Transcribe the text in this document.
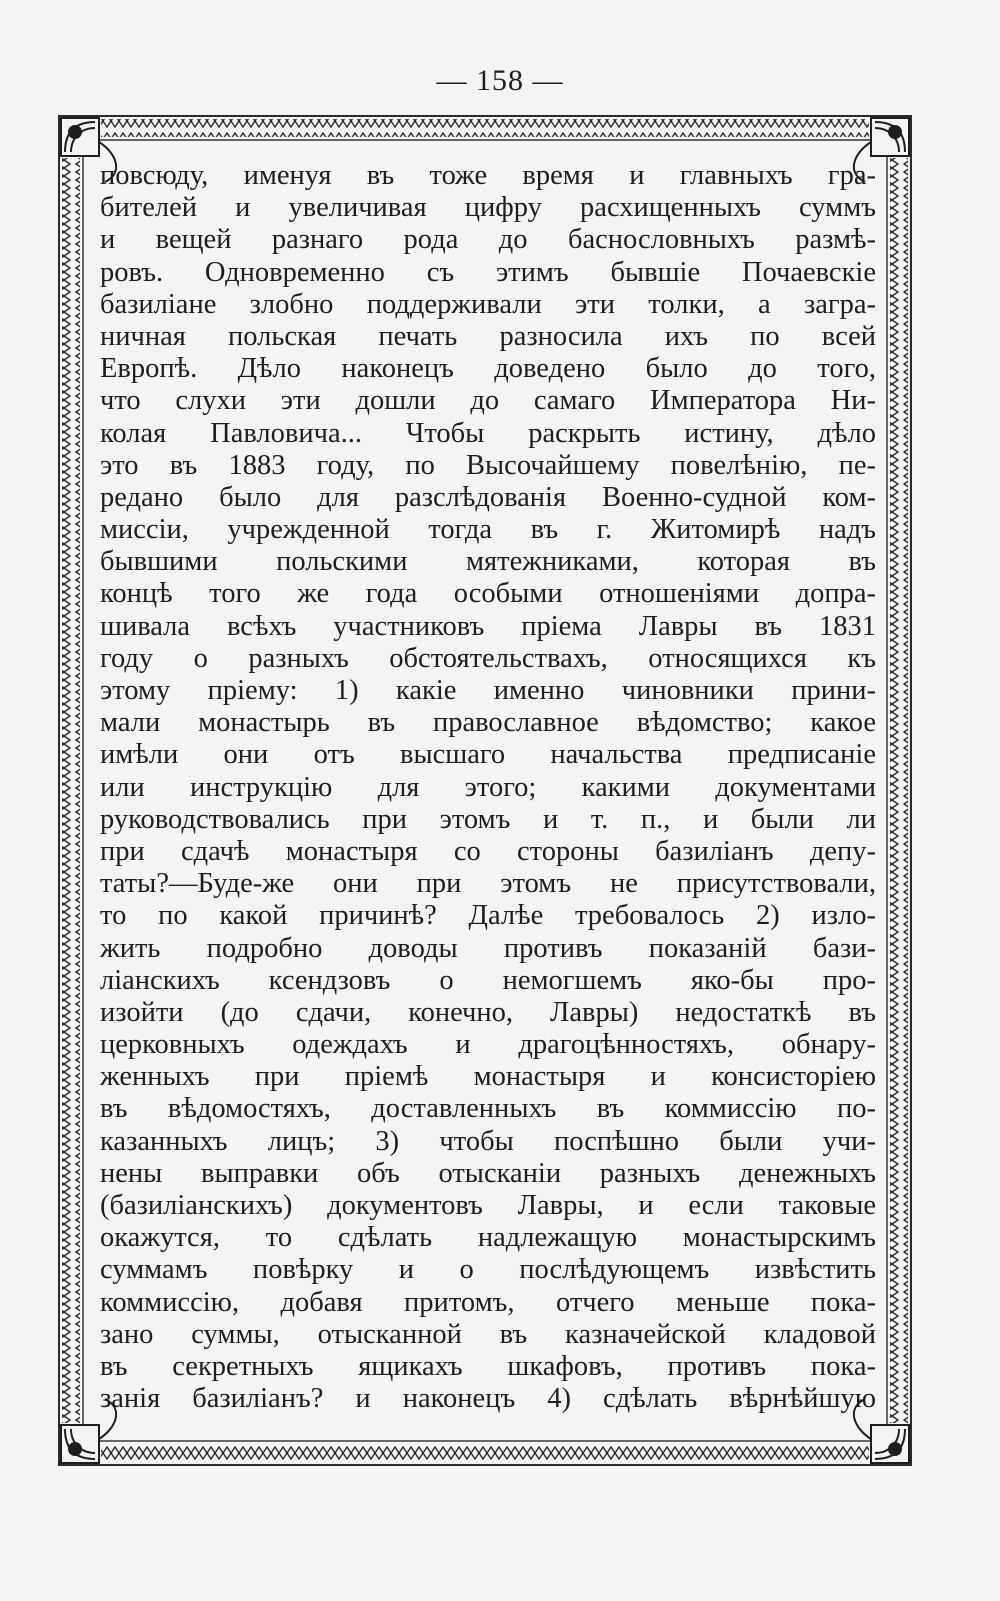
— 158 —
повсюду, именуя въ тоже время и главныхъ гра-
бителей и увеличивая цифру расхищенныхъ суммъ
и вещей разнаго рода до баснословныхъ размѣ-
ровъ. Одновременно съ этимъ бывшіе Почаевскіе
базиліане злобно поддерживали эти толки, а загра-
ничная польская печать разносила ихъ по всей
Европѣ. Дѣло наконецъ доведено было до того,
что слухи эти дошли до самаго Императора Ни-
колая Павловича... Чтобы раскрыть истину, дѣло
это въ 1883 году, по Высочайшему повелѣнію, пе-
редано было для разслѣдованія Военно-судной ком-
миссіи, учрежденной тогда въ г. Житомирѣ надъ
бывшими польскими мятежниками, которая въ
концѣ того же года особыми отношеніями допра-
шивала всѣхъ участниковъ пріема Лавры въ 1831
году о разныхъ обстоятельствахъ, относящихся къ
этому пріему: 1) какіе именно чиновники прини-
мали монастырь въ православное вѣдомство; какое
имѣли они отъ высшаго начальства предписаніе
или инструкцію для этого; какими документами
руководствовались при этомъ и т. п., и были ли
при сдачѣ монастыря со стороны базиліанъ депу-
таты?—Буде-же они при этомъ не присутствовали,
то по какой причинѣ? Далѣе требовалось 2) изло-
жить подробно доводы противъ показаній бази-
ліанскихъ ксендзовъ о немогшемъ яко-бы про-
изойти (до сдачи, конечно, Лавры) недостаткѣ въ
церковныхъ одеждахъ и драгоцѣнностяхъ, обнару-
женныхъ при пріемѣ монастыря и консисторіею
въ вѣдомостяхъ, доставленныхъ въ коммиссію по-
казанныхъ лицъ; 3) чтобы поспѣшно были учи-
нены выправки объ отысканіи разныхъ денежныхъ
(базиліанскихъ) документовъ Лавры, и если таковые
окажутся, то сдѣлать надлежащую монастырскимъ
суммамъ повѣрку и о послѣдующемъ извѣстить
коммиссію, добавя притомъ, отчего меньше пока-
зано суммы, отысканной въ казначейской кладовой
въ секретныхъ ящикахъ шкафовъ, противъ пока-
занія базиліанъ? и наконецъ 4) сдѣлать вѣрнѣйшую
